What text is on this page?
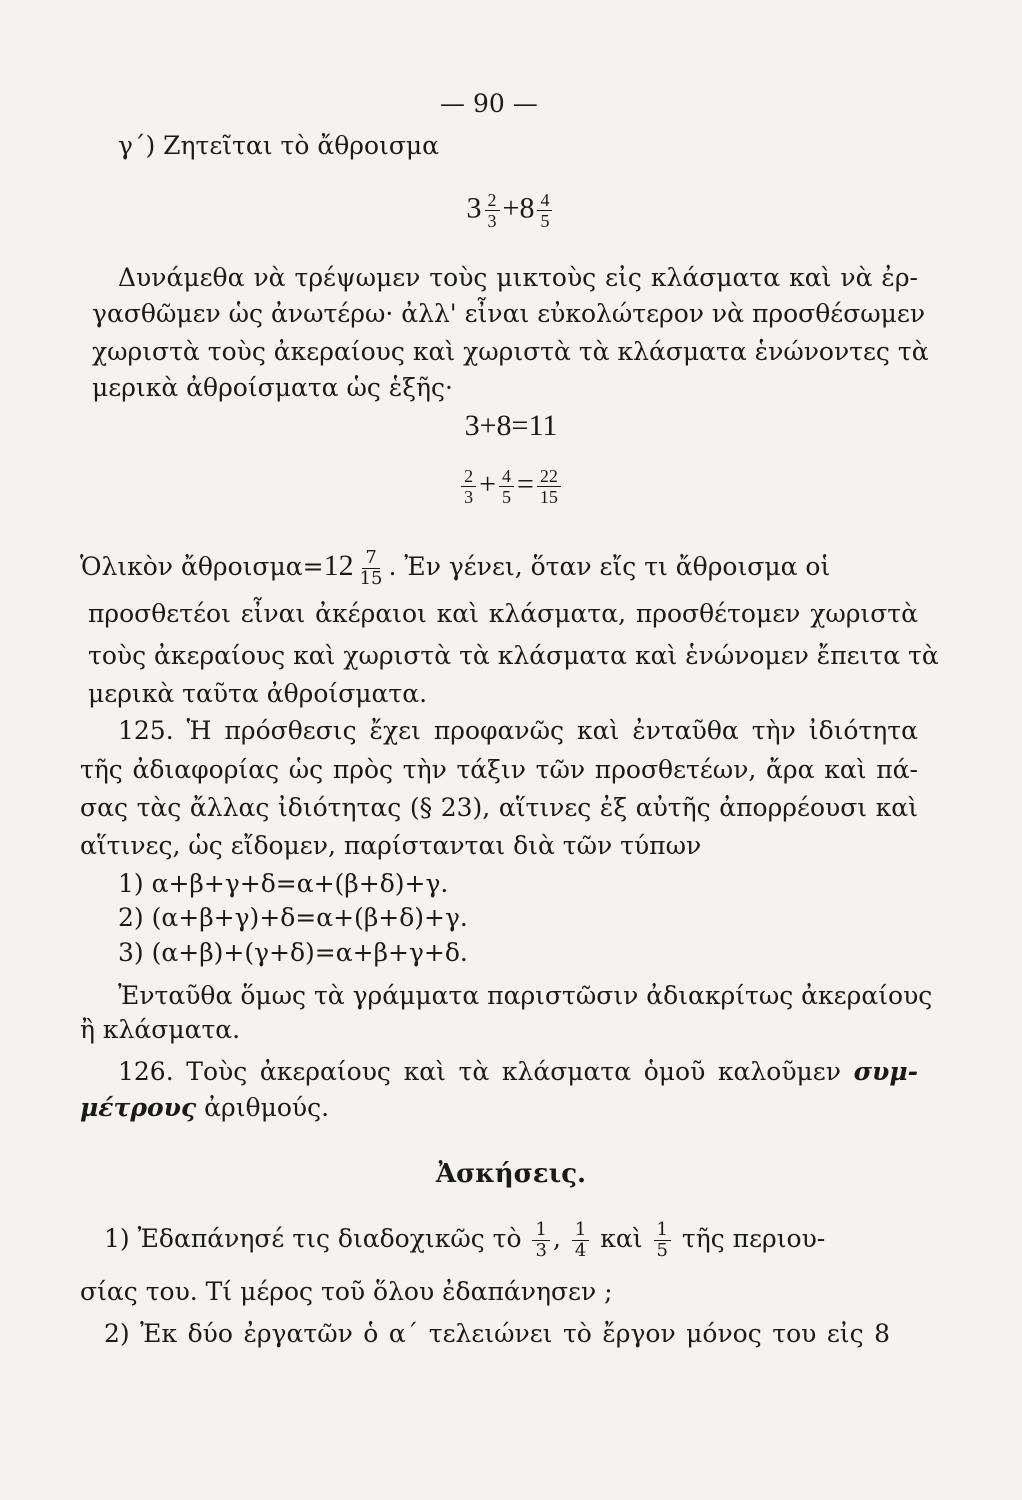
— 90 —
γ΄) Ζητεῖται τὸ ἄθροισμα
$3 \frac{2}{3} +8 \frac{4}{5}$
Δυνάμεθα νὰ τρέψωμεν τοὺς μικτοὺς εἰς κλάσματα καὶ νὰ ἐρ-
γασθῶμεν ὡς ἀνωτέρω· ἀλλ' εἶναι εὐκολώτερον νὰ προσθέσωμεν
χωριστὰ τοὺς ἀκεραίους καὶ χωριστὰ τὰ κλάσματα ἑνώνοντες τὰ
μερικὰ ἀθροίσματα ὡς ἑξῆς·
3+8=11
$\frac{2}{3} + \frac{4}{5} = \frac{22}{15}$
Ὁλικὸν ἄθροισμα=12 $\frac{7}{15}$ . Ἐν γένει, ὅταν εἴς τι ἄθροισμα οἱ
προσθετέοι εἶναι ἀκέραιοι καὶ κλάσματα, προσθέτομεν χωριστὰ
τοὺς ἀκεραίους καὶ χωριστὰ τὰ κλάσματα καὶ ἑνώνομεν ἔπειτα τὰ
μερικὰ ταῦτα ἀθροίσματα.
125. Ἡ πρόσθεσις ἔχει προφανῶς καὶ ἐνταῦθα τὴν ἰδιότητα
τῆς ἀδιαφορίας ὡς πρὸς τὴν τάξιν τῶν προσθετέων, ἄρα καὶ πά-
σας τὰς ἄλλας ἰδιότητας (§ 23), αἵτινες ἐξ αὐτῆς ἀπορρέουσι καὶ
αἵτινες, ὡς εἴδομεν, παρίστανται διὰ τῶν τύπων
1) α+β+γ+δ=α+(β+δ)+γ.
2) (α+β+γ)+δ=α+(β+δ)+γ.
3) (α+β)+(γ+δ)=α+β+γ+δ.
Ἐνταῦθα ὅμως τὰ γράμματα παριστῶσιν ἀδιακρίτως ἀκεραίους
ἢ κλάσματα.
126. Τοὺς ἀκεραίους καὶ τὰ κλάσματα ὁμοῦ καλοῦμεν συμ-
μέτρους ἀριθμούς.
Ἀσκήσεις.
1) Ἐδαπάνησέ τις διαδοχικῶς τὸ $\frac{1}{3}$ , $\frac{1}{4}$ καὶ $\frac{1}{5}$ τῆς περιου-
σίας του. Τί μέρος τοῦ ὅλου ἐδαπάνησεν ;
2) Ἐκ δύο ἐργατῶν ὁ α΄ τελειώνει τὸ ἔργον μόνος του εἰς 8
